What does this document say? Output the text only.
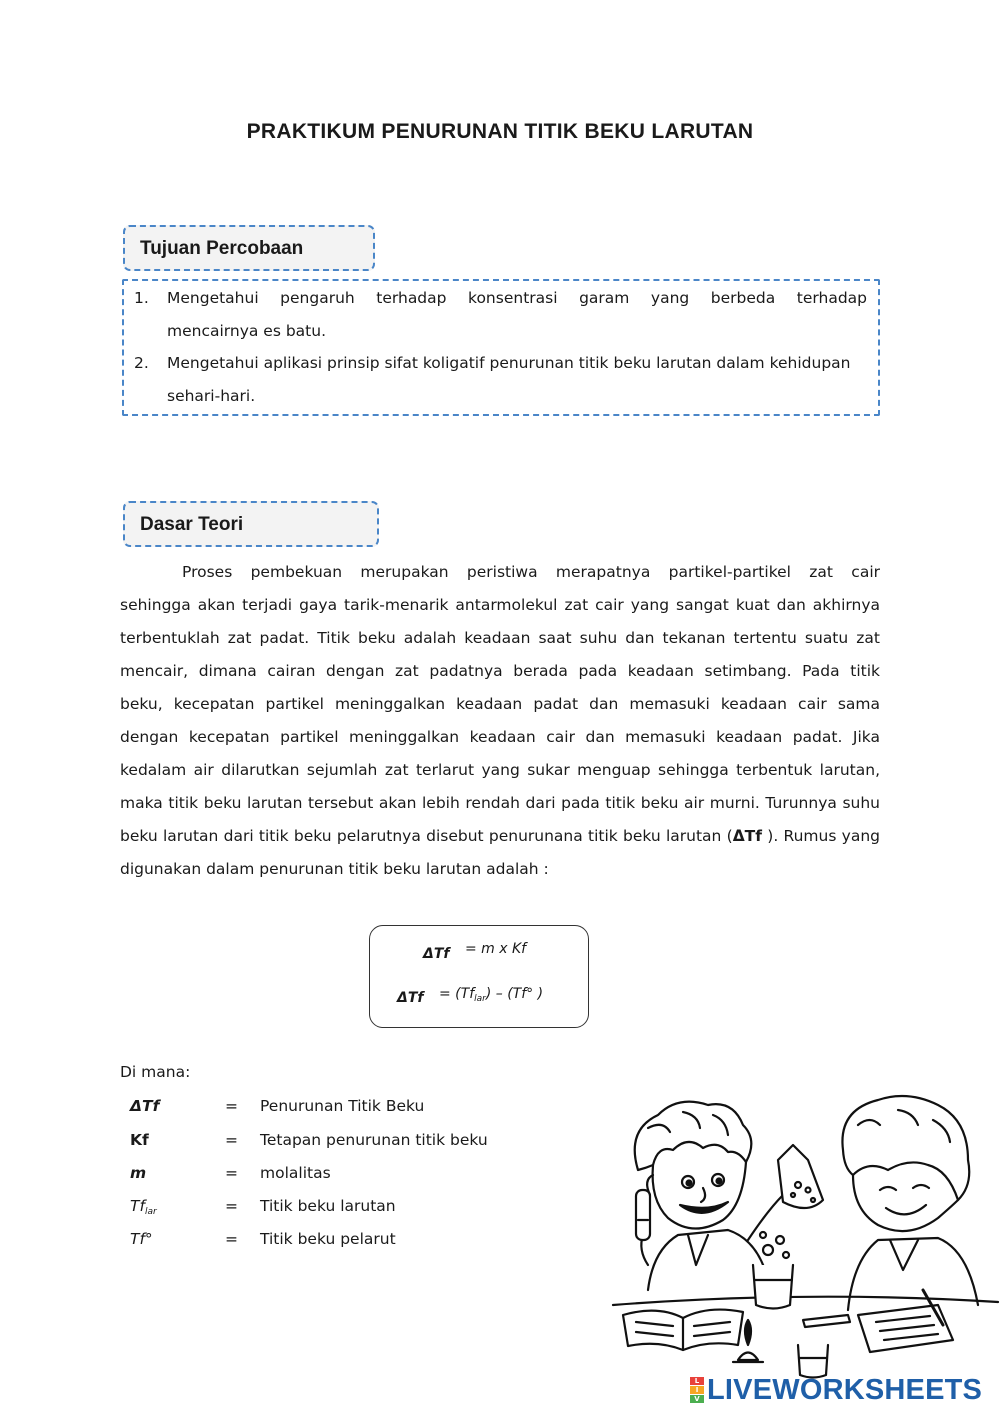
PRAKTIKUM PENURUNAN TITIK BEKU LARUTAN
Tujuan Percobaan
1. Mengetahui pengaruh terhadap konsentrasi garam yang berbeda terhadap
mencairnya es batu.
2. Mengetahui aplikasi prinsip sifat koligatif penurunan titik beku larutan dalam kehidupan
sehari-hari.
Dasar Teori
Proses pembekuan merupakan peristiwa merapatnya partikel-partikel zat cair
sehingga akan terjadi gaya tarik-menarik antarmolekul zat cair yang sangat kuat dan akhirnya
terbentuklah zat padat. Titik beku adalah keadaan saat suhu dan tekanan tertentu suatu zat
mencair, dimana cairan dengan zat padatnya berada pada keadaan setimbang. Pada titik
beku, kecepatan partikel meninggalkan keadaan padat dan memasuki keadaan cair sama
dengan kecepatan partikel meninggalkan keadaan cair dan memasuki keadaan padat. Jika
kedalam air dilarutkan sejumlah zat terlarut yang sukar menguap sehingga terbentuk larutan,
maka titik beku larutan tersebut akan lebih rendah dari pada titik beku air murni. Turunnya suhu
beku larutan dari titik beku pelarutnya disebut penurunana titik beku larutan (ΔTf ). Rumus yang
digunakan dalam penurunan titik beku larutan adalah :
ΔTf = m x Kf
$\Delta Tf = (Tf_{lar}) - (Tf^\circ$ )
Di mana:
ΔTf	= Penurunan Titik Beku
Kf	= Tetapan penurunan titik beku
m	= molalitas
$Tf_{lar}$	= Titik beku larutan
Tf°	= Titik beku pelarut
L
I
V LIVEWORKSHEETS
